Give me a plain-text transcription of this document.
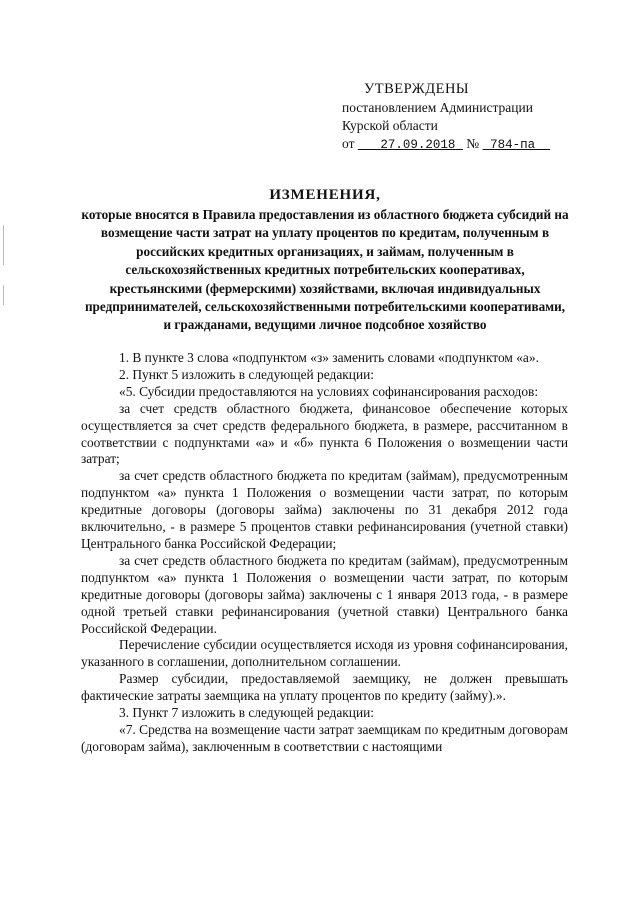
УТВЕРЖДЕНЫ
постановлением Администрации
Курской области
от 27.09.2018 № 784-па
ИЗМЕНЕНИЯ,
которые вносятся в Правила предоставления из областного бюджета субсидий на возмещение части затрат на уплату процентов по кредитам, полученным в российских кредитных организациях, и займам, полученным в сельскохозяйственных кредитных потребительских кооперативах, крестьянскими (фермерскими) хозяйствами, включая индивидуальных предпринимателей, сельскохозяйственными потребительскими кооперативами, и гражданами, ведущими личное подсобное хозяйство

1. В пункте 3 слова «подпунктом «з» заменить словами «подпунктом «а».

2. Пункт 5 изложить в следующей редакции:

«5. Субсидии предоставляются на условиях софинансирования расходов:

за счет средств областного бюджета, финансовое обеспечение которых осуществляется за счет средств федерального бюджета, в размере, рассчитанном в соответствии с подпунктами «а» и «б» пункта 6 Положения о возмещении части затрат;

за счет средств областного бюджета по кредитам (займам), предусмотренным подпунктом «а» пункта 1 Положения о возмещении части затрат, по которым кредитные договоры (договоры займа) заключены по 31 декабря 2012 года включительно, - в размере 5 процентов ставки рефинансирования (учетной ставки) Центрального банка Российской Федерации;

за счет средств областного бюджета по кредитам (займам), предусмотренным подпунктом «а» пункта 1 Положения о возмещении части затрат, по которым кредитные договоры (договоры займа) заключены с 1 января 2013 года, - в размере одной третьей ставки рефинансирования (учетной ставки) Центрального банка Российской Федерации.

Перечисление субсидии осуществляется исходя из уровня софинансирования, указанного в соглашении, дополнительном соглашении.

Размер субсидии, предоставляемой заемщику, не должен превышать фактические затраты заемщика на уплату процентов по кредиту (займу).».

3. Пункт 7 изложить в следующей редакции:

«7. Средства на возмещение части затрат заемщикам по кредитным договорам (договорам займа), заключенным в соответствии с настоящими
